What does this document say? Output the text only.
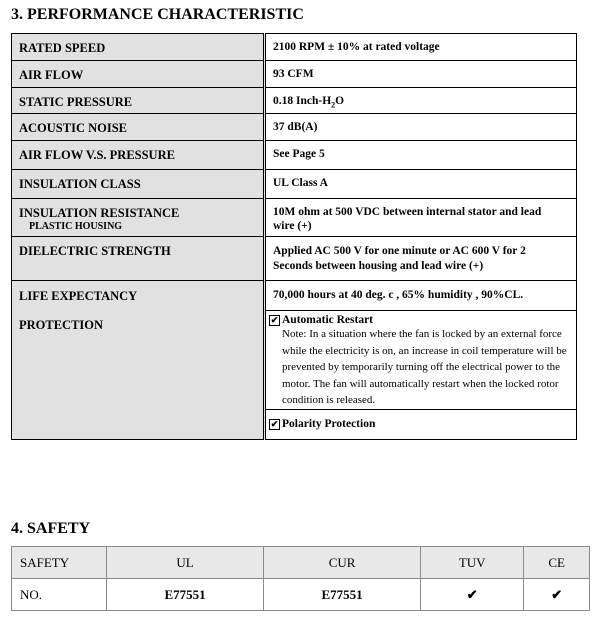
3. PERFORMANCE CHARACTERISTIC
RATED SPEED	2100 RPM ± 10% at rated voltage

AIR FLOW	93 CFM

STATIC PRESSURE	0.18 Inch-$H_2O$

ACOUSTIC NOISE	37 dB(A)

AIR FLOW V.S. PRESSURE	See Page 5

INSULATION CLASS	UL Class A

INSULATION RESISTANCE
PLASTIC HOUSING	10M ohm at 500 VDC between internal stator and lead wire (+)

DIELECTRIC STRENGTH	Applied AC 500 V for one minute or AC 600 V for 2 Seconds between housing and lead wire (+)

LIFE EXPECTANCY	70,000 hours at 40 deg. c , 65% humidity , 90%CL.

PROTECTION	✔ Automatic Restart
Note: In a situation where the fan is locked by an external force while the electricity is on, an increase in coil temperature will be prevented by temporarily turning off the electrical power to the motor. The fan will automatically restart when the locked rotor condition is released.

	✔ Polarity Protection
4. SAFETY
SAFETY	UL	CUR	TUV	CE
NO.	E77551	E77551	✔	✔
